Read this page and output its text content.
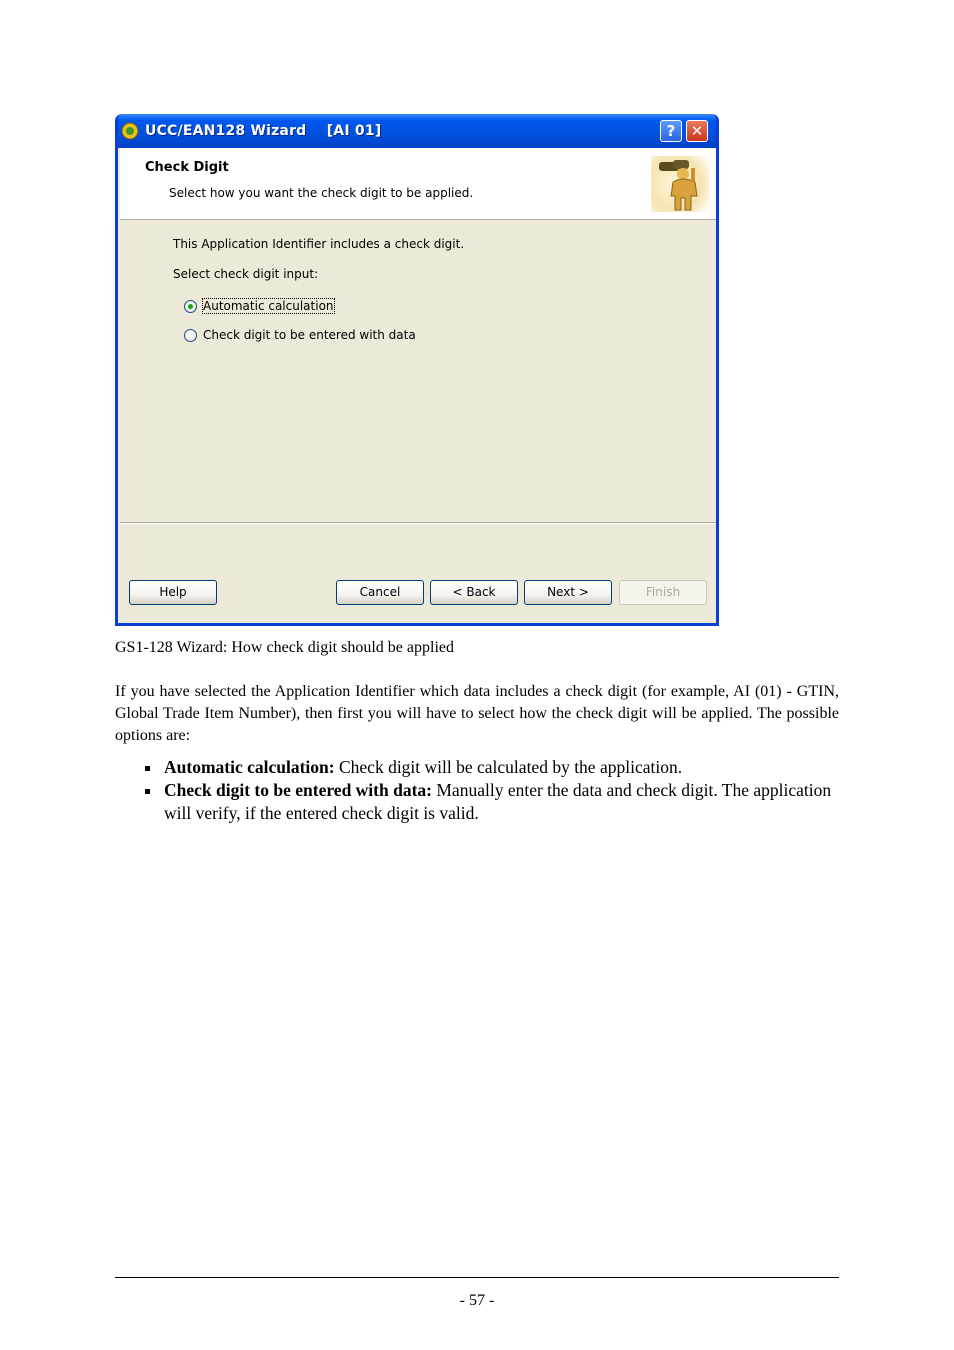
UCC/EAN128 Wizard    [AI 01]	?	✕
Check Digit
Select how you want the check digit to be applied.
This Application Identifier includes a check digit.
Select check digit input:
Automatic calculation
Check digit to be entered with data
Help	Cancel	< Back	Next >	Finish
GS1-128 Wizard: How check digit should be applied
If you have selected the Application Identifier which data includes a check digit (for example, AI (01) - GTIN, Global Trade Item Number), then first you will have to select how the check digit will be applied. The possible options are:
Automatic calculation: Check digit will be calculated by the application.
Check digit to be entered with data: Manually enter the data and check digit. The application will verify, if the entered check digit is valid.
- 57 -
